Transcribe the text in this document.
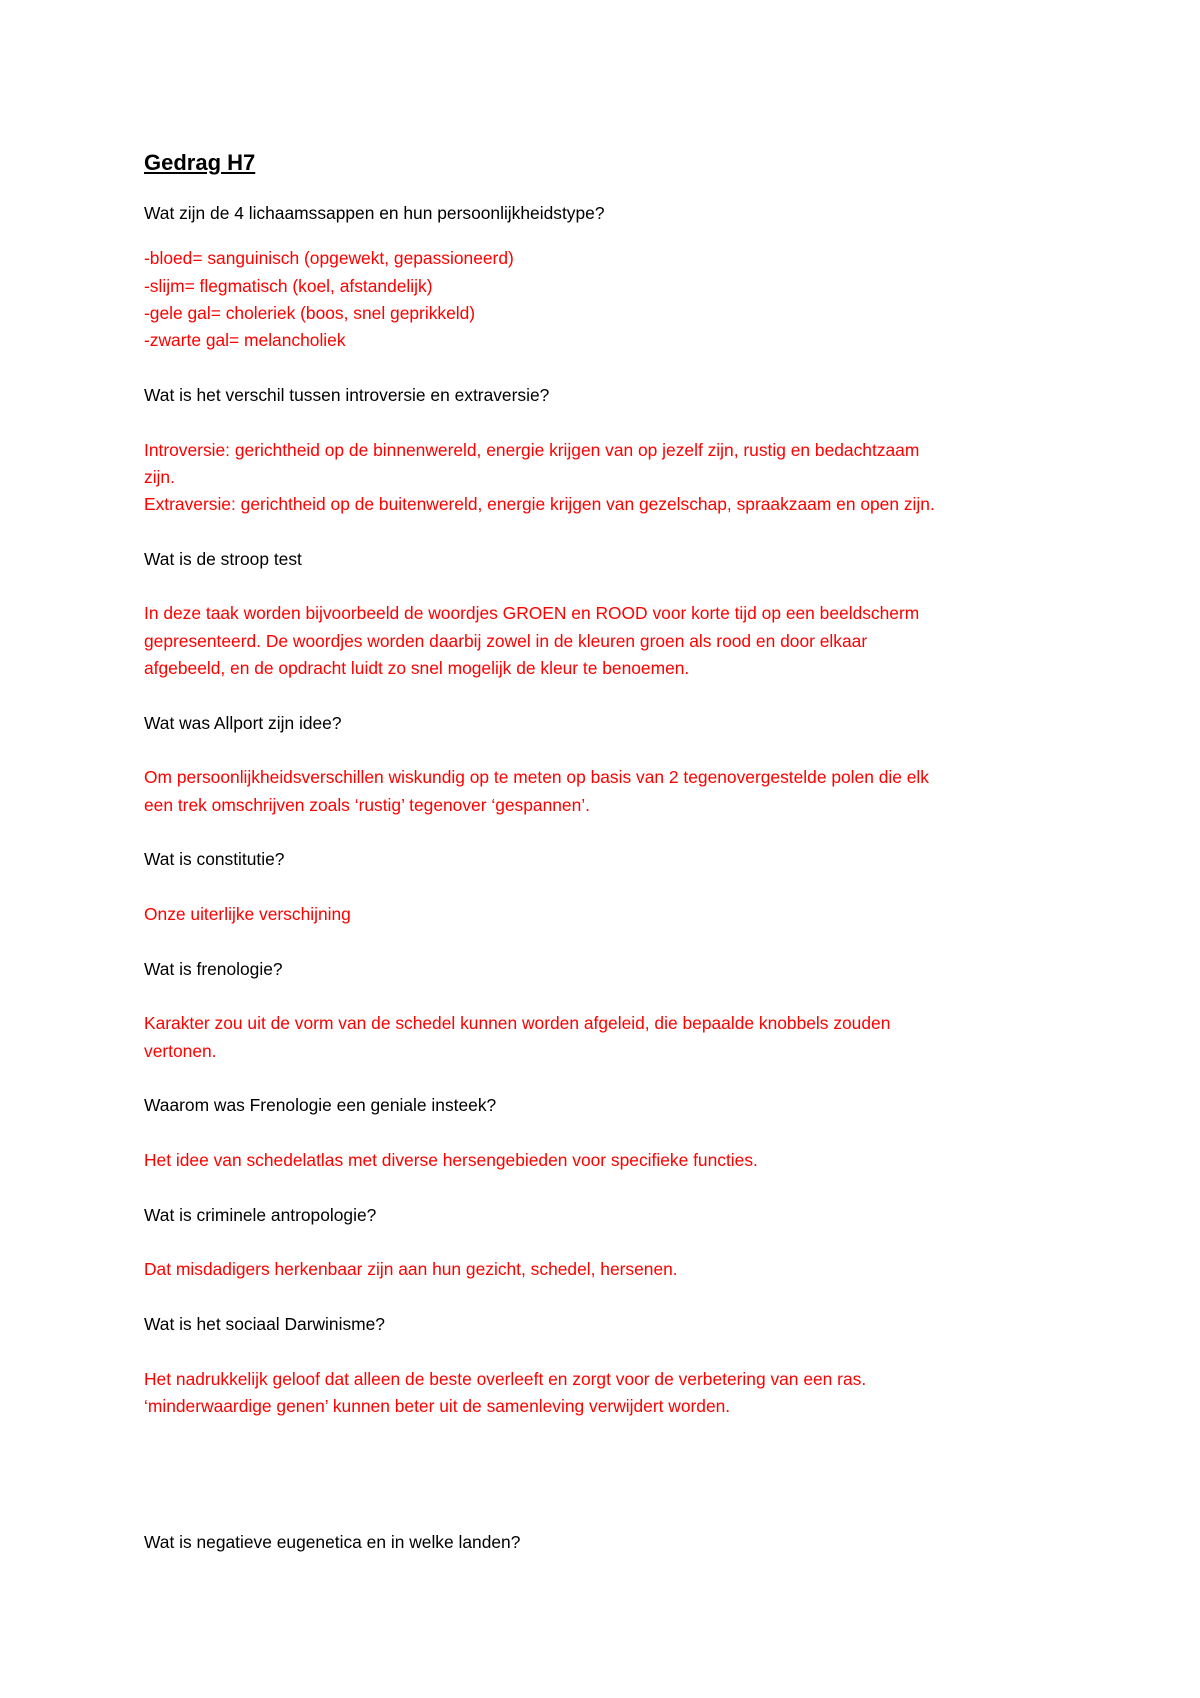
Gedrag H7

Wat zijn de 4 lichaamssappen en hun persoonlijkheidstype?

-bloed= sanguinisch (opgewekt, gepassioneerd)

-slijm= flegmatisch (koel, afstandelijk)

-gele gal= choleriek (boos, snel geprikkeld)

-zwarte gal= melancholiek

Wat is het verschil tussen introversie en extraversie?

Introversie: gerichtheid op de binnenwereld, energie krijgen van op jezelf zijn, rustig en bedachtzaam

zijn.

Extraversie: gerichtheid op de buitenwereld, energie krijgen van gezelschap, spraakzaam en open zijn.

Wat is de stroop test

In deze taak worden bijvoorbeeld de woordjes GROEN en ROOD voor korte tijd op een beeldscherm

gepresenteerd. De woordjes worden daarbij zowel in de kleuren groen als rood en door elkaar

afgebeeld, en de opdracht luidt zo snel mogelijk de kleur te benoemen.

Wat was Allport zijn idee?

Om persoonlijkheidsverschillen wiskundig op te meten op basis van 2 tegenovergestelde polen die elk

een trek omschrijven zoals ‘rustig’ tegenover ‘gespannen’.

Wat is constitutie?

Onze uiterlijke verschijning

Wat is frenologie?

Karakter zou uit de vorm van de schedel kunnen worden afgeleid, die bepaalde knobbels zouden

vertonen.

Waarom was Frenologie een geniale insteek?

Het idee van schedelatlas met diverse hersengebieden voor specifieke functies.

Wat is criminele antropologie?

Dat misdadigers herkenbaar zijn aan hun gezicht, schedel, hersenen.

Wat is het sociaal Darwinisme?

Het nadrukkelijk geloof dat alleen de beste overleeft en zorgt voor de verbetering van een ras.

‘minderwaardige genen’ kunnen beter uit de samenleving verwijdert worden.

Wat is negatieve eugenetica en in welke landen?
